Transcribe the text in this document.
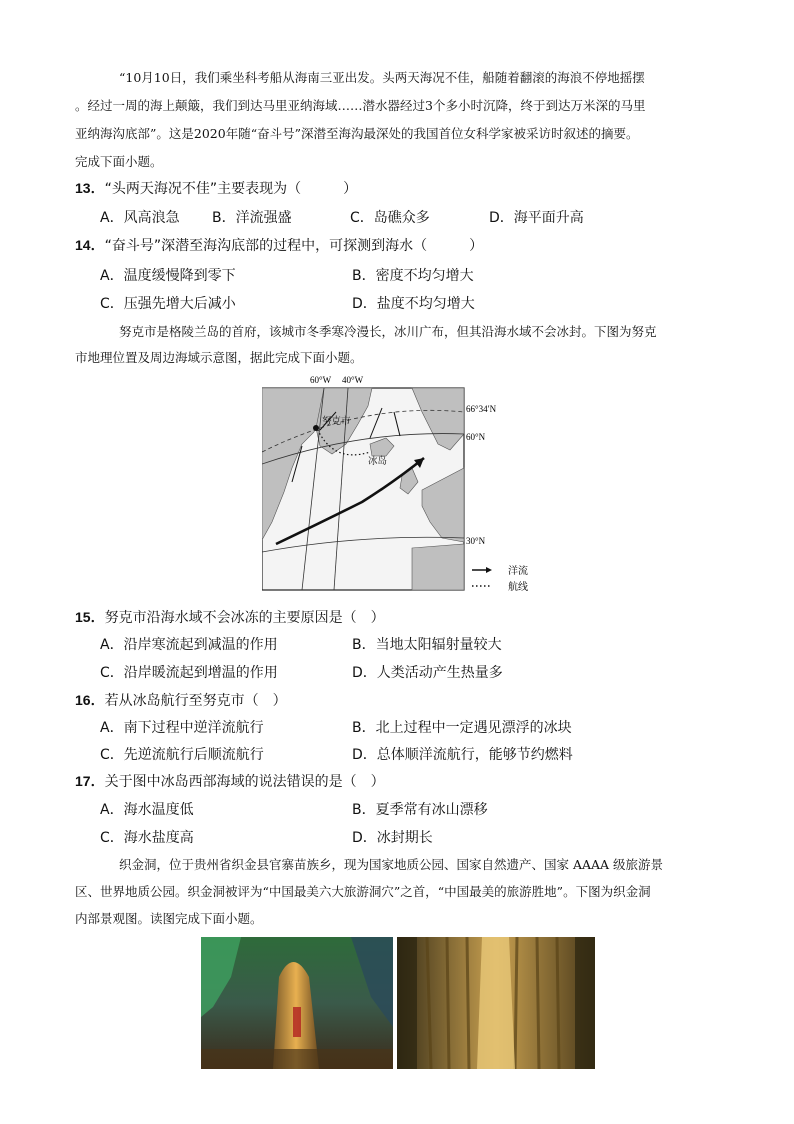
“10月10日，我们乘坐科考船从海南三亚出发。头两天海况不佳，船随着翻滚的海浪不停地摇摆
。经过一周的海上颠簸，我们到达马里亚纳海域……潜水器经过3个多小时沉降，终于到达万米深的马里
亚纳海沟底部”。这是2020年随“奋斗号”深潜至海沟最深处的我国首位女科学家被采访时叙述的摘要。
完成下面小题。
13．“头两天海况不佳”主要表现为（　　　）
A．风高浪急 B．洋流强盛	C．岛礁众多	D．海平面升高
14．“奋斗号”深潜至海沟底部的过程中，可探测到海水（　　　）
A．温度缓慢降到零下	B．密度不均匀增大
C．压强先增大后减小	D．盐度不均匀增大
努克市是格陵兰岛的首府，该城市冬季寒冷漫长，冰川广布，但其沿海水域不会冰封。下图为努克
市地理位置及周边海域示意图，据此完成下面小题。
努克市
冰岛
60°W 40°W
66°34′N
60°N
30°N
洋流
航线
15．努克市沿海水域不会冰冻的主要原因是（　）
A．沿岸寒流起到减温的作用	B．当地太阳辐射量较大
C．沿岸暖流起到增温的作用	D．人类活动产生热量多
16．若从冰岛航行至努克市（　）
A．南下过程中逆洋流航行	B．北上过程中一定遇见漂浮的冰块
C．先逆流航行后顺流航行	D．总体顺洋流航行，能够节约燃料
17．关于图中冰岛西部海域的说法错误的是（　）
A．海水温度低	B．夏季常有冰山漂移
C．海水盐度高	D．冰封期长
织金洞，位于贵州省织金县官寨苗族乡，现为国家地质公园、国家自然遗产、国家 AAAA 级旅游景
区、世界地质公园。织金洞被评为“中国最美六大旅游洞穴”之首，“中国最美的旅游胜地”。下图为织金洞
内部景观图。读图完成下面小题。
